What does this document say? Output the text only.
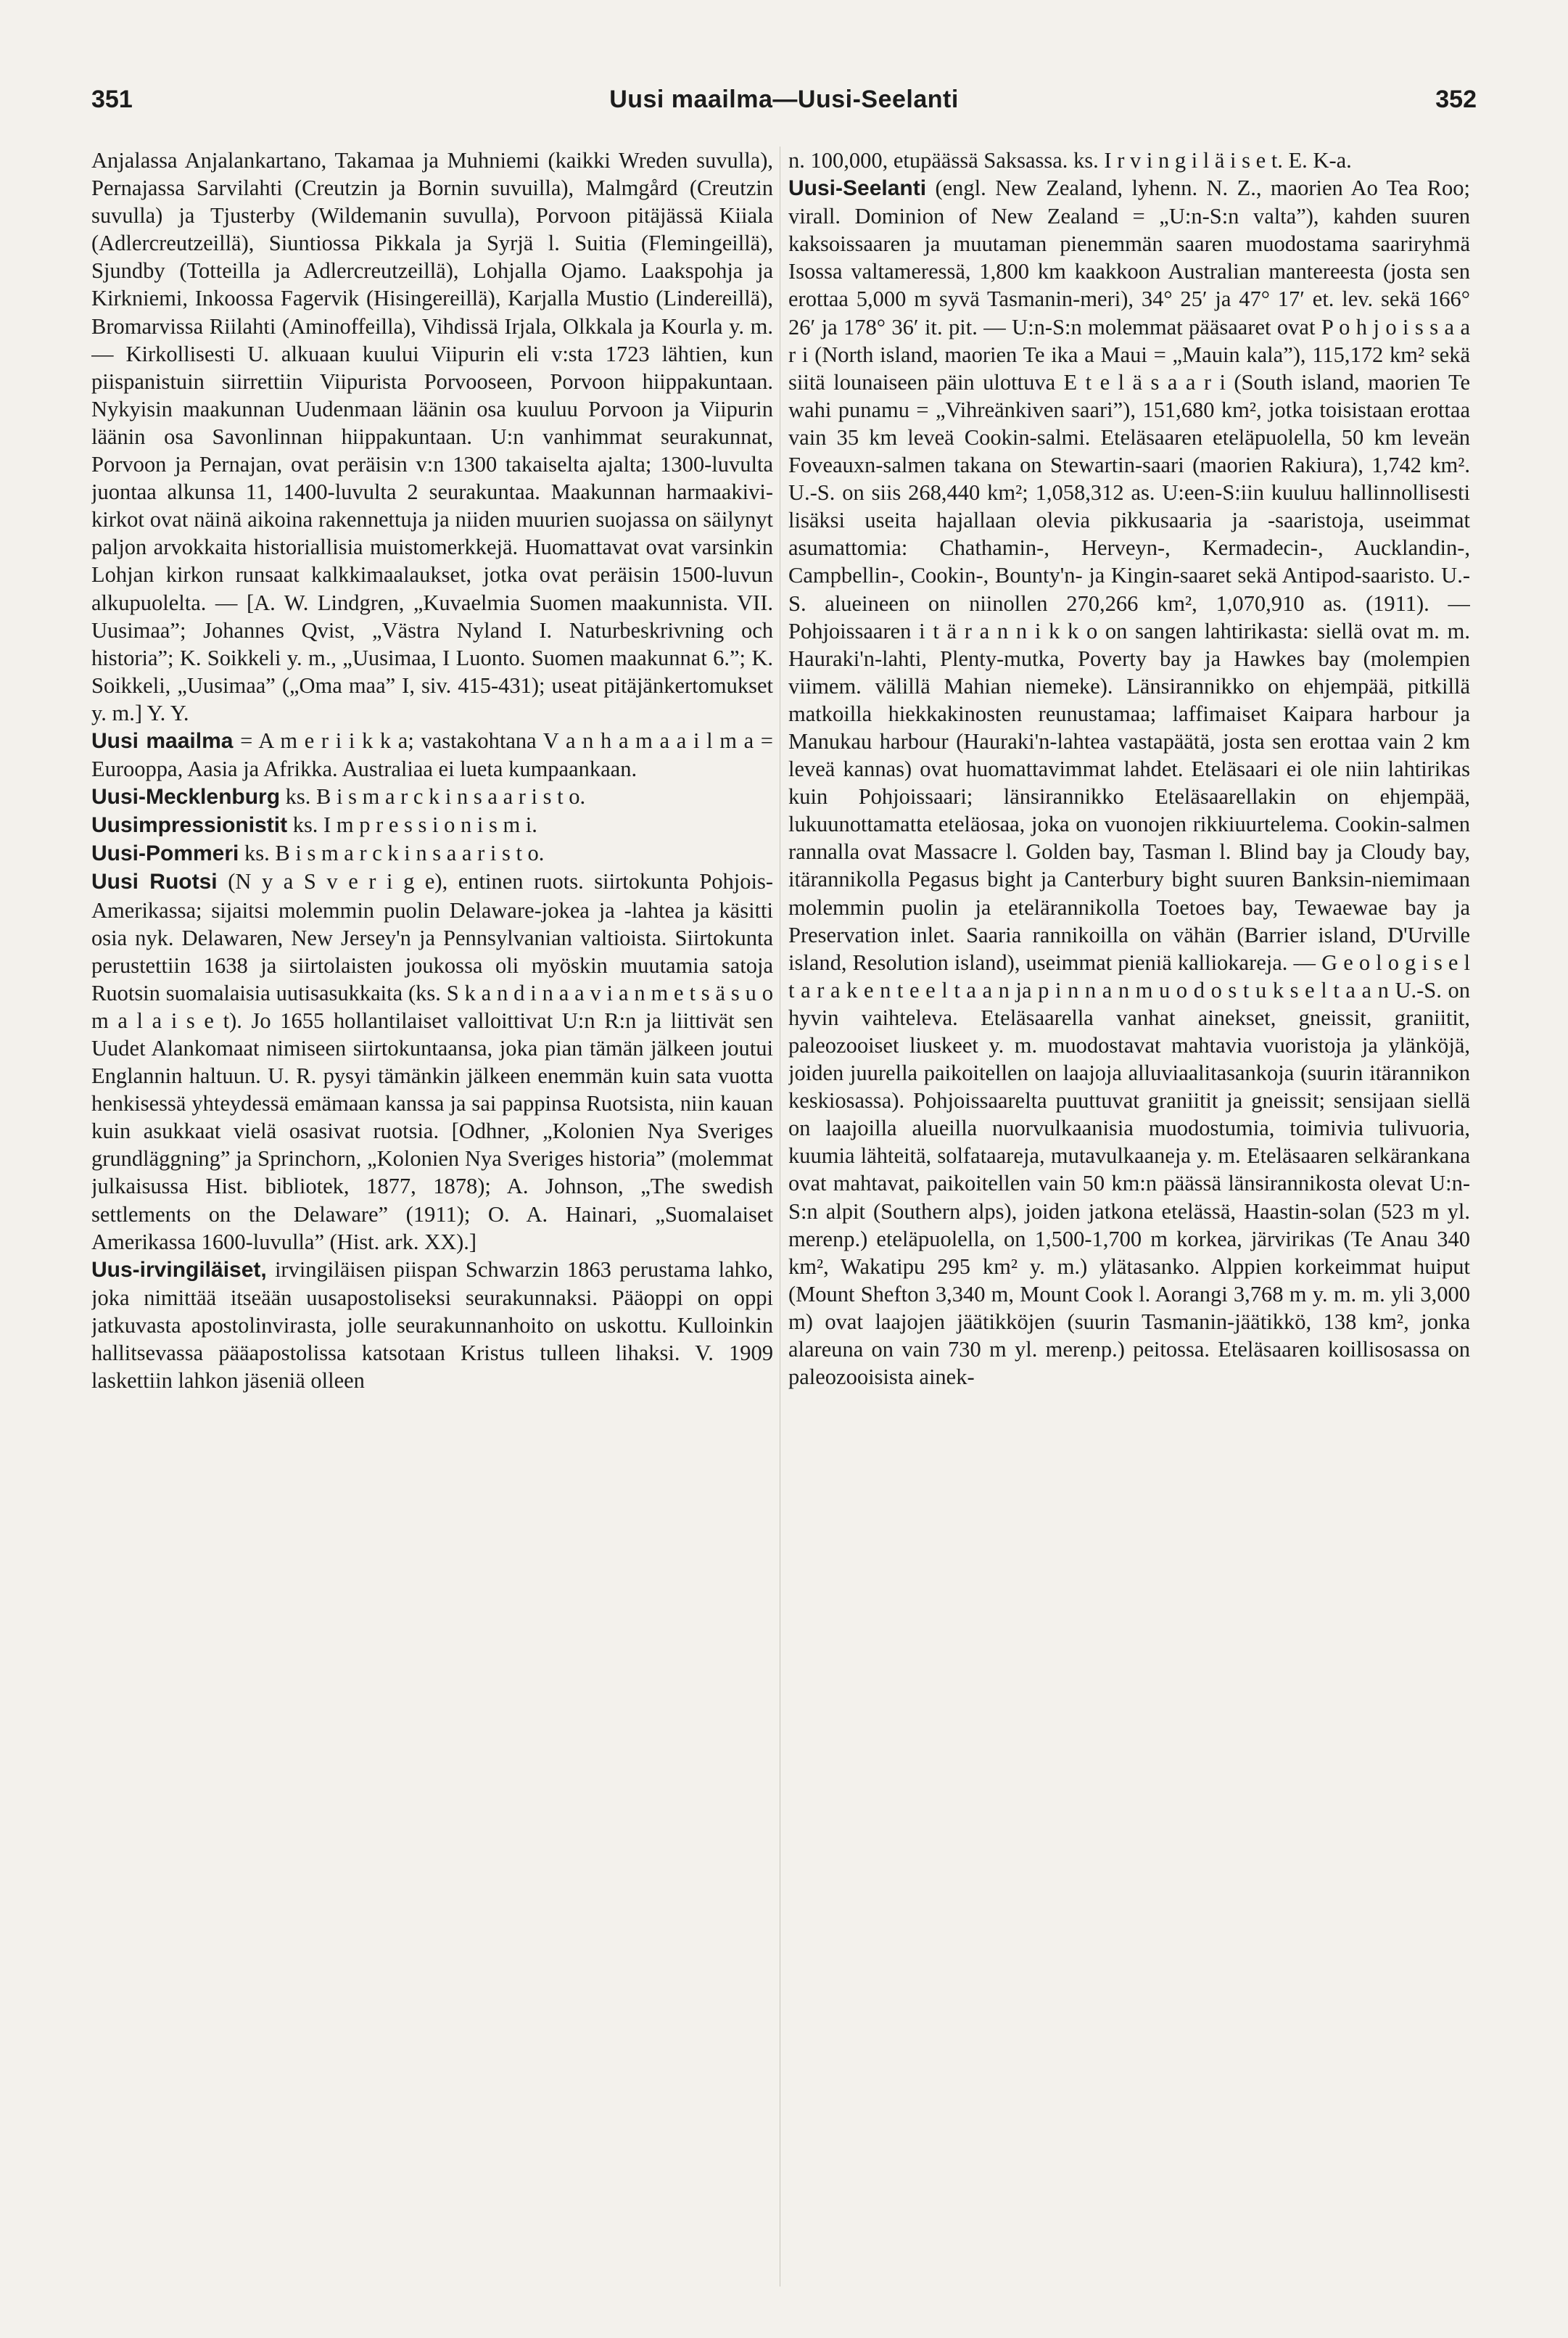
351	Uusi maailma—Uusi-Seelanti	352

Anjalassa Anjalankartano, Takamaa ja Muhniemi (kaikki Wreden suvulla), Pernajassa Sarvilahti (Creutzin ja Bornin suvuilla), Malmgård (Creutzin suvulla) ja Tjusterby (Wildemanin suvulla), Porvoon pitäjässä Kiiala (Adlercreutzeillä), Siuntiossa Pikkala ja Syrjä l. Suitia (Flemingeillä), Sjundby (Totteilla ja Adlercreutzeillä), Lohjalla Ojamo. Laakspohja ja Kirkniemi, Inkoossa Fagervik (Hisingereillä), Karjalla Mustio (Lindereillä), Bromarvissa Riilahti (Aminoffeilla), Vihdissä Irjala, Olkkala ja Kourla y. m. — Kirkollisesti U. alkuaan kuului Viipurin eli v:sta 1723 lähtien, kun piispanistuin siirrettiin Viipurista Porvooseen, Porvoon hiippakuntaan. Nykyisin maakunnan Uudenmaan läänin osa kuuluu Porvoon ja Viipurin läänin osa Savonlinnan hiippakuntaan. U:n vanhimmat seurakunnat, Porvoon ja Pernajan, ovat peräisin v:n 1300 takaiselta ajalta; 1300-luvulta juontaa alkunsa 11, 1400-luvulta 2 seurakuntaa. Maakunnan harmaakivi-kirkot ovat näinä aikoina rakennettuja ja niiden muurien suojassa on säilynyt paljon arvokkaita historiallisia muistomerkkejä. Huomattavat ovat varsinkin Lohjan kirkon runsaat kalkkimaalaukset, jotka ovat peräisin 1500-luvun alkupuolelta. — [A. W. Lindgren, „Kuvaelmia Suomen maakunnista. VII. Uusimaa”; Johannes Qvist, „Västra Nyland I. Naturbeskrivning och historia”; K. Soikkeli y. m., „Uusimaa, I Luonto. Suomen maakunnat 6.”; K. Soikkeli, „Uusimaa” („Oma maa” I, siv. 415-431); useat pitäjänkertomukset y. m.] Y. Y.

Uusi maailma = A m e r i i k k a; vastakohtana V a n h a m a a i l m a = Eurooppa, Aasia ja Afrikka. Australiaa ei lueta kumpaankaan.

Uusi-Mecklenburg ks. B i s m a r c k i n s a a r i s t o.

Uusimpressionistit ks. I m p r e s s i o n i s m i.

Uusi-Pommeri ks. B i s m a r c k i n s a a r i s t o.

Uusi Ruotsi (N y a S v e r i g e), entinen ruots. siirtokunta Pohjois-Amerikassa; sijaitsi molemmin puolin Delaware-jokea ja -lahtea ja käsitti osia nyk. Delawaren, New Jersey'n ja Pennsylvanian valtioista. Siirtokunta perustettiin 1638 ja siirtolaisten joukossa oli myöskin muutamia satoja Ruotsin suomalaisia uutisasukkaita (ks. S k a n d i n a a v i a n m e t s ä s u o m a l a i s e t). Jo 1655 hollantilaiset valloittivat U:n R:n ja liittivät sen Uudet Alankomaat nimiseen siirtokuntaansa, joka pian tämän jälkeen joutui Englannin haltuun. U. R. pysyi tämänkin jälkeen enemmän kuin sata vuotta henkisessä yhteydessä emämaan kanssa ja sai pappinsa Ruotsista, niin kauan kuin asukkaat vielä osasivat ruotsia. [Odhner, „Kolonien Nya Sveriges grundläggning” ja Sprinchorn, „Kolonien Nya Sveriges historia” (molemmat julkaisussa Hist. bibliotek, 1877, 1878); A. Johnson, „The swedish settlements on the Delaware” (1911); O. A. Hainari, „Suomalaiset Amerikassa 1600-luvulla” (Hist. ark. XX).]

Uus-irvingiläiset, irvingiläisen piispan Schwarzin 1863 perustama lahko, joka nimittää itseään uusapostoliseksi seurakunnaksi. Pääoppi on oppi jatkuvasta apostolinvirasta, jolle seurakunnanhoito on uskottu. Kulloinkin hallitsevassa pääapostolissa katsotaan Kristus tulleen lihaksi. V. 1909 laskettiin lahkon jäseniä olleen

n. 100,000, etupäässä Saksassa. ks. I r v i n g i l ä i s e t. E. K-a.

Uusi-Seelanti (engl. New Zealand, lyhenn. N. Z., maorien Ao Tea Roo; virall. Dominion of New Zealand = „U:n-S:n valta”), kahden suuren kaksoissaaren ja muutaman pienemmän saaren muodostama saariryhmä Isossa valtameressä, 1,800 km kaakkoon Australian mantereesta (josta sen erottaa 5,000 m syvä Tasmanin-meri), 34° 25′ ja 47° 17′ et. lev. sekä 166° 26′ ja 178° 36′ it. pit. — U:n-S:n molemmat pääsaaret ovat P o h j o i s s a a r i (North island, maorien Te ika a Maui = „Mauin kala”), 115,172 km² sekä siitä lounaiseen päin ulottuva E t e l ä s a a r i (South island, maorien Te wahi punamu = „Vihreänkiven saari”), 151,680 km², jotka toisistaan erottaa vain 35 km leveä Cookin-salmi. Eteläsaaren eteläpuolella, 50 km leveän Foveauxn-salmen takana on Stewartin-saari (maorien Rakiura), 1,742 km². U.-S. on siis 268,440 km²; 1,058,312 as. U:een-S:iin kuuluu hallinnollisesti lisäksi useita hajallaan olevia pikkusaaria ja -saaristoja, useimmat asumattomia: Chathamin-, Herveyn-, Kermadecin-, Aucklandin-, Campbellin-, Cookin-, Bounty'n- ja Kingin-saaret sekä Antipod-saaristo. U.-S. alueineen on niinollen 270,266 km², 1,070,910 as. (1911). — Pohjoissaaren i t ä r a n n i k k o on sangen lahtirikasta: siellä ovat m. m. Hauraki'n-lahti, Plenty-mutka, Poverty bay ja Hawkes bay (molempien viimem. välillä Mahian niemeke). Länsirannikko on ehjempää, pitkillä matkoilla hiekkakinosten reunustamaa; laffimaiset Kaipara harbour ja Manukau harbour (Hauraki'n-lahtea vastapäätä, josta sen erottaa vain 2 km leveä kannas) ovat huomattavimmat lahdet. Eteläsaari ei ole niin lahtirikas kuin Pohjoissaari; länsirannikko Eteläsaarellakin on ehjempää, lukuunottamatta eteläosaa, joka on vuonojen rikkiuurtelema. Cookin-salmen rannalla ovat Massacre l. Golden bay, Tasman l. Blind bay ja Cloudy bay, itärannikolla Pegasus bight ja Canterbury bight suuren Banksin-niemimaan molemmin puolin ja etelärannikolla Toetoes bay, Tewaewae bay ja Preservation inlet. Saaria rannikoilla on vähän (Barrier island, D'Urville island, Resolution island), useimmat pieniä kalliokareja. — G e o l o g i s e l t a r a k e n t e e l t a a n ja p i n n a n m u o d o s t u k s e l t a a n U.-S. on hyvin vaihteleva. Eteläsaarella vanhat ainekset, gneissit, graniitit, paleozooiset liuskeet y. m. muodostavat mahtavia vuoristoja ja ylänköjä, joiden juurella paikoitellen on laajoja alluviaalitasankoja (suurin itärannikon keskiosassa). Pohjoissaarelta puuttuvat graniitit ja gneissit; sensijaan siellä on laajoilla alueilla nuorvulkaanisia muodostumia, toimivia tulivuoria, kuumia lähteitä, solfataareja, mutavulkaaneja y. m. Eteläsaaren selkärankana ovat mahtavat, paikoitellen vain 50 km:n päässä länsirannikosta olevat U:n-S:n alpit (Southern alps), joiden jatkona etelässä, Haastin-solan (523 m yl. merenp.) eteläpuolella, on 1,500-1,700 m korkea, järvirikas (Te Anau 340 km², Wakatipu 295 km² y. m.) ylätasanko. Alppien korkeimmat huiput (Mount Shefton 3,340 m, Mount Cook l. Aorangi 3,768 m y. m. m. yli 3,000 m) ovat laajojen jäätikköjen (suurin Tasmanin-jäätikkö, 138 km², jonka alareuna on vain 730 m yl. merenp.) peitossa. Eteläsaaren koillisosassa on paleozooisista ainek-
